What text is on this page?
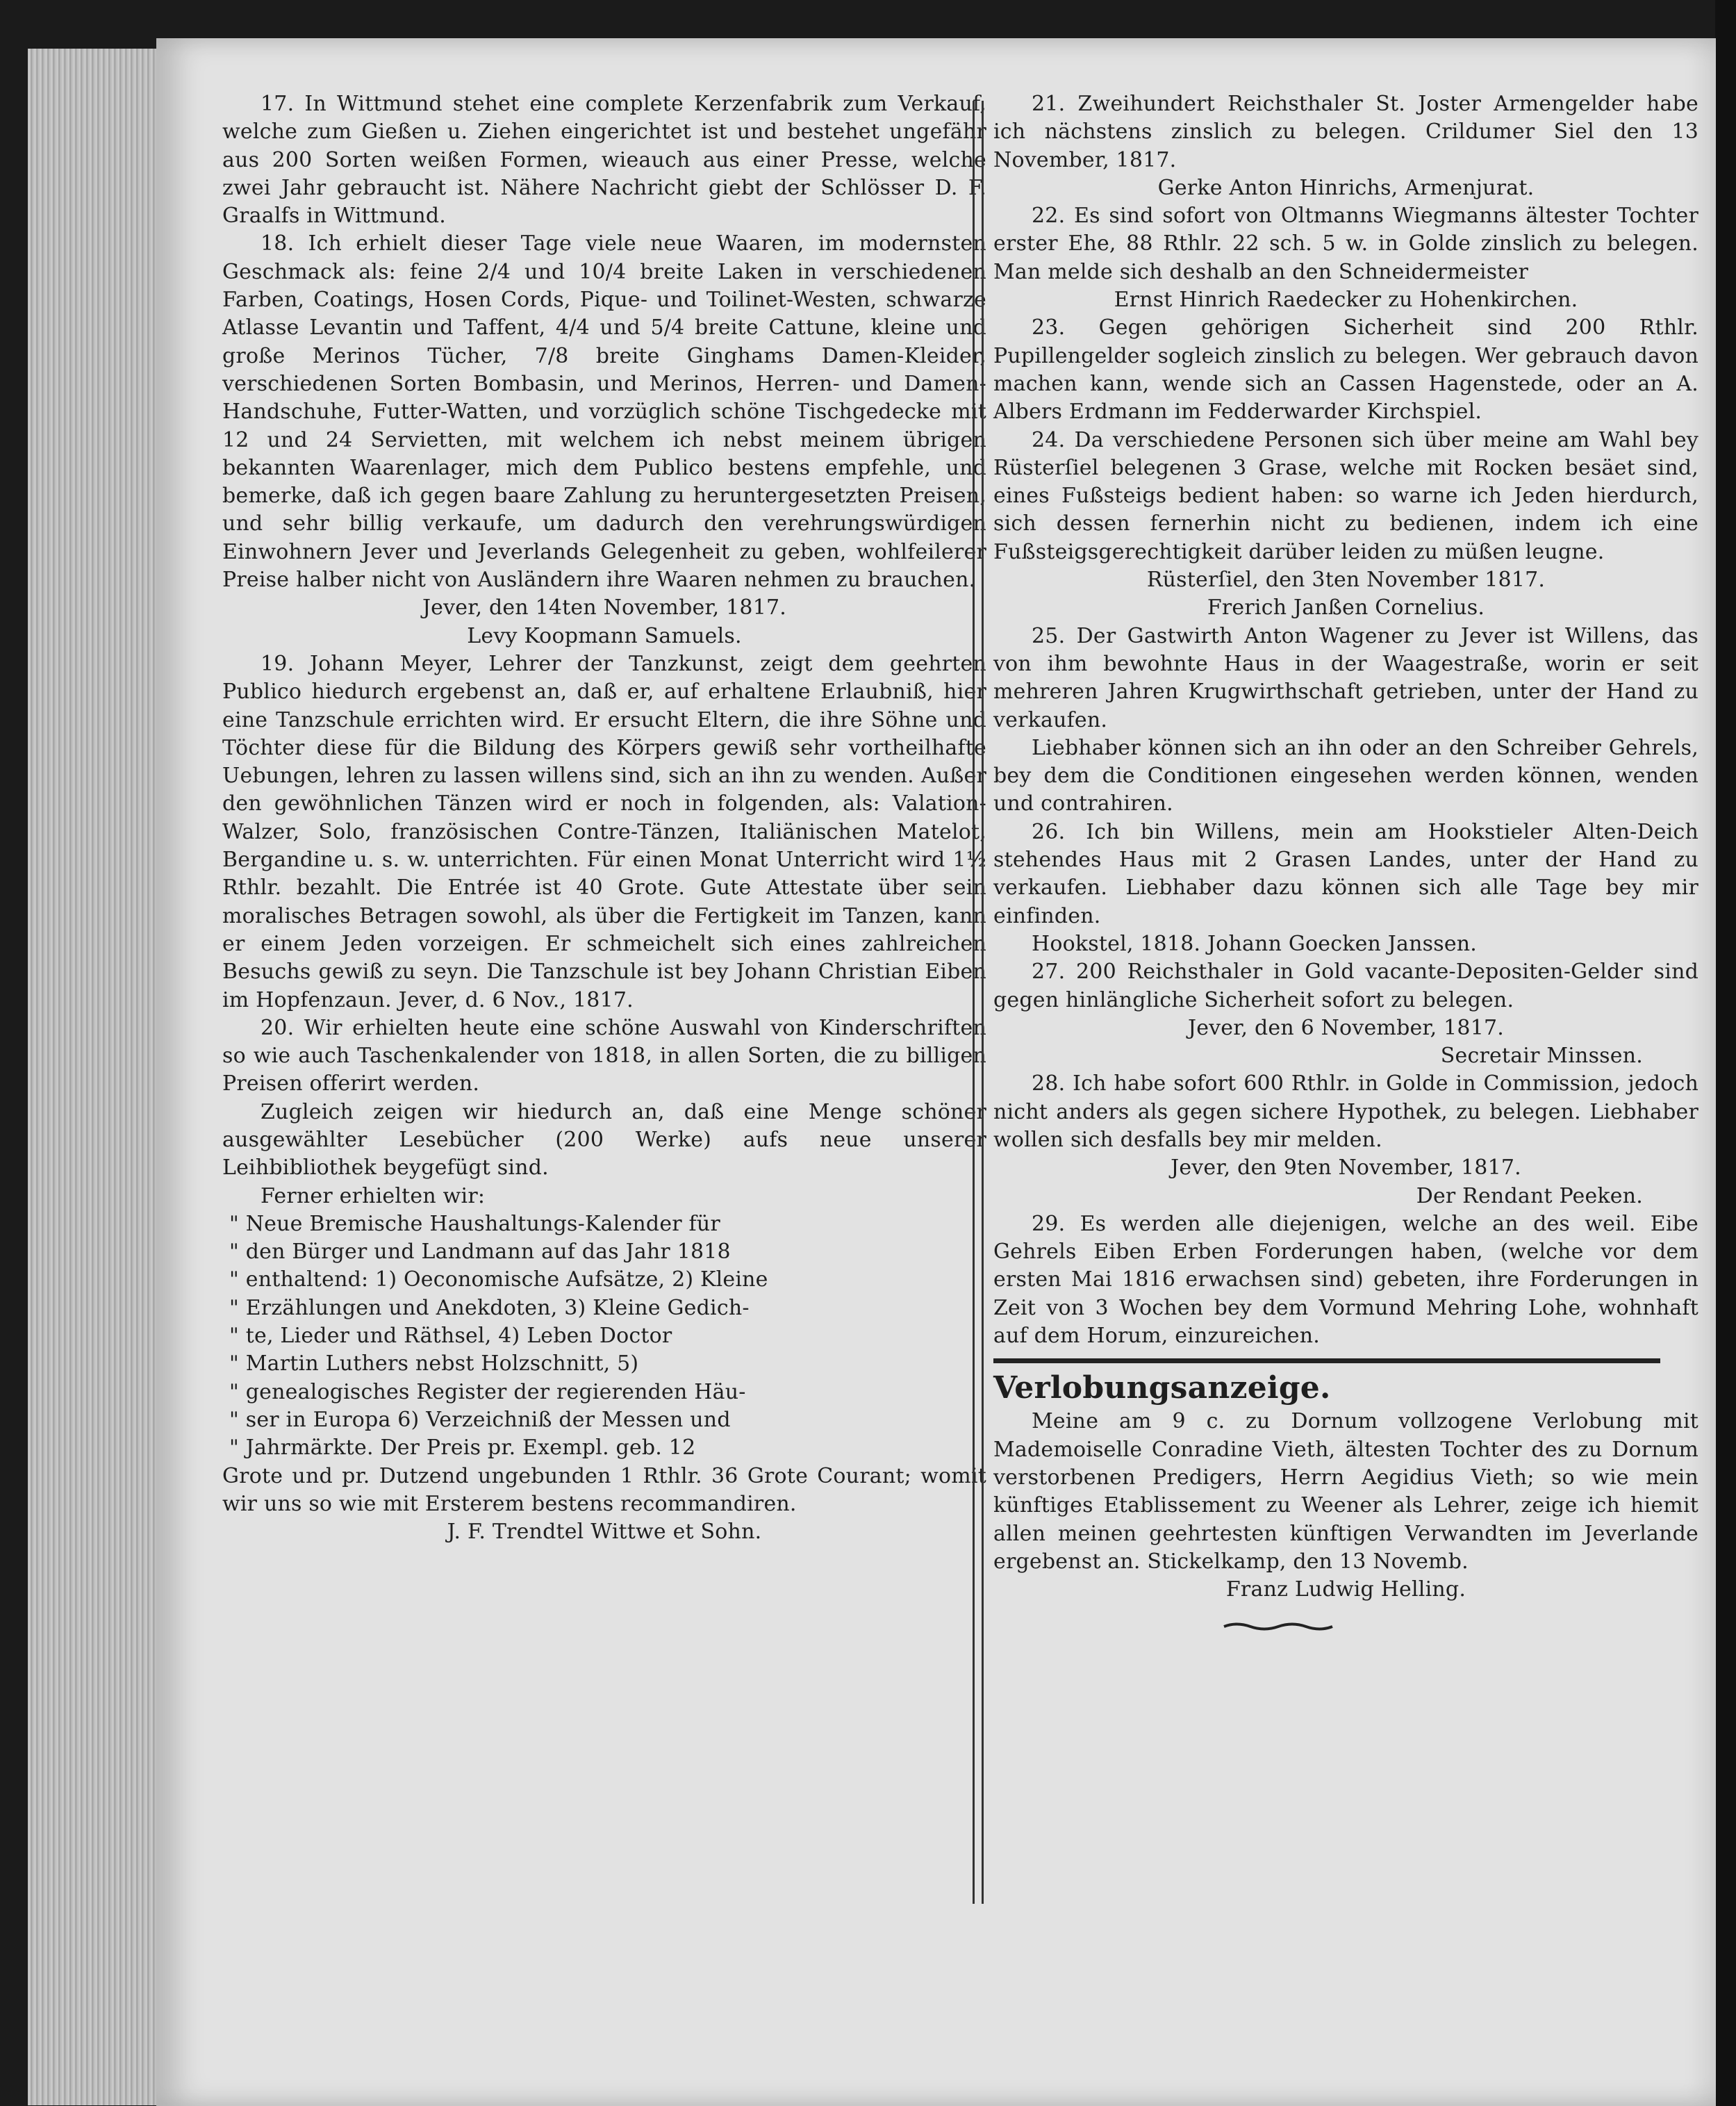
17. In Wittmund stehet eine complete Kerzenfabrik zum Verkauf, welche zum Gießen u. Ziehen eingerichtet ist und bestehet ungefähr aus 200 Sorten weißen Formen, wieauch aus einer Presse, welche zwei Jahr gebraucht ist. Nähere Nachricht giebt der Schlösser D. F. Graalfs in Wittmund.

18. Ich erhielt dieser Tage viele neue Waaren, im modernsten Geschmack als: feine 2/4 und 10/4 breite Laken in verschiedenen Farben, Coatings, Hosen Cords, Pique- und Toilinet-Westen, schwarze Atlasse Levantin und Taffent, 4/4 und 5/4 breite Cattune, kleine und große Merinos Tücher, 7/8 breite Ginghams Damen-Kleider, verschiedenen Sorten Bombasin, und Merinos, Herren- und Damen-Handschuhe, Futter-Watten, und vorzüglich schöne Tischgedecke mit 12 und 24 Servietten, mit welchem ich nebst meinem übrigen bekannten Waarenlager, mich dem Publico bestens empfehle, und bemerke, daß ich gegen baare Zahlung zu heruntergesetzten Preisen, und sehr billig verkaufe, um dadurch den verehrungswürdigen Einwohnern Jever und Jeverlands Gelegenheit zu geben, wohlfeilerer Preise halber nicht von Ausländern ihre Waaren nehmen zu brauchen.

Jever, den 14ten November, 1817.

Levy Koopmann Samuels.

19. Johann Meyer, Lehrer der Tanzkunst, zeigt dem geehrten Publico hiedurch ergebenst an, daß er, auf erhaltene Erlaubniß, hier eine Tanzschule errichten wird. Er ersucht Eltern, die ihre Söhne und Töchter diese für die Bildung des Körpers gewiß sehr vortheilhafte Uebungen, lehren zu lassen willens sind, sich an ihn zu wenden. Außer den gewöhnlichen Tänzen wird er noch in folgenden, als: Valation-Walzer, Solo, französischen Contre-Tänzen, Italiänischen Matelot, Bergandine u. s. w. unterrichten. Für einen Monat Unterricht wird 1½ Rthlr. bezahlt. Die Entrée ist 40 Grote. Gute Attestate über sein moralisches Betragen sowohl, als über die Fertigkeit im Tanzen, kann er einem Jeden vorzeigen. Er schmeichelt sich eines zahlreichen Besuchs gewiß zu seyn. Die Tanzschule ist bey Johann Christian Eiben im Hopfenzaun. Jever, d. 6 Nov., 1817.

20. Wir erhielten heute eine schöne Auswahl von Kinderschriften so wie auch Taschenkalender von 1818, in allen Sorten, die zu billigen Preisen offerirt werden.

Zugleich zeigen wir hiedurch an, daß eine Menge schöner ausgewählter Lesebücher (200 Werke) aufs neue unserer Leihbibliothek beygefügt sind.

Ferner erhielten wir:

" Neue Bremische Haushaltungs-Kalender für

" den Bürger und Landmann auf das Jahr 1818

" enthaltend: 1) Oeconomische Aufsätze, 2) Kleine

" Erzählungen und Anekdoten, 3) Kleine Gedich-

" te, Lieder und Räthsel, 4) Leben Doctor

" Martin Luthers nebst Holzschnitt, 5)

" genealogisches Register der regierenden Häu-

" ser in Europa 6) Verzeichniß der Messen und

" Jahrmärkte. Der Preis pr. Exempl. geb. 12

Grote und pr. Dutzend ungebunden 1 Rthlr. 36 Grote Courant; womit wir uns so wie mit Ersterem bestens recommandiren.

J. F. Trendtel Wittwe et Sohn.

21. Zweihundert Reichsthaler St. Joster Armengelder habe ich nächstens zinslich zu belegen. Crildumer Siel den 13 November, 1817.

Gerke Anton Hinrichs, Armenjurat.

22. Es sind sofort von Oltmanns Wiegmanns ältester Tochter erster Ehe, 88 Rthlr. 22 sch. 5 w. in Golde zinslich zu belegen. Man melde sich deshalb an den Schneidermeister

Ernst Hinrich Raedecker zu Hohenkirchen.

23. Gegen gehörigen Sicherheit sind 200 Rthlr. Pupillengelder sogleich zinslich zu belegen. Wer gebrauch davon machen kann, wende sich an Cassen Hagenstede, oder an A. Albers Erdmann im Fedderwarder Kirchspiel.

24. Da verschiedene Personen sich über meine am Wahl bey Rüsterſiel belegenen 3 Grase, welche mit Rocken besäet sind, eines Fußsteigs bedient haben: so warne ich Jeden hierdurch, sich dessen fernerhin nicht zu bedienen, indem ich eine Fußsteigsgerechtigkeit darüber leiden zu müßen leugne.

Rüsterſiel, den 3ten November 1817.

Frerich Janßen Cornelius.

25. Der Gastwirth Anton Wagener zu Jever ist Willens, das von ihm bewohnte Haus in der Waagestraße, worin er seit mehreren Jahren Krugwirthschaft getrieben, unter der Hand zu verkaufen.

Liebhaber können sich an ihn oder an den Schreiber Gehrels, bey dem die Conditionen eingesehen werden können, wenden und contrahiren.

26. Ich bin Willens, mein am Hookstieler Alten-Deich stehendes Haus mit 2 Grasen Landes, unter der Hand zu verkaufen. Liebhaber dazu können sich alle Tage bey mir einfinden.

Hookstel, 1818. Johann Goecken Janssen.

27. 200 Reichsthaler in Gold vacante-Depositen-Gelder sind gegen hinlängliche Sicherheit sofort zu belegen.

Jever, den 6 November, 1817.

Secretair Minssen.

28. Ich habe sofort 600 Rthlr. in Golde in Commission, jedoch nicht anders als gegen sichere Hypothek, zu belegen. Liebhaber wollen sich desfalls bey mir melden.

Jever, den 9ten November, 1817.

Der Rendant Peeken.

29. Es werden alle diejenigen, welche an des weil. Eibe Gehrels Eiben Erben Forderungen haben, (welche vor dem ersten Mai 1816 erwachsen sind) gebeten, ihre Forderungen in Zeit von 3 Wochen bey dem Vormund Mehring Lohe, wohnhaft auf dem Horum, einzureichen.

Verlobungsanzeige.

Meine am 9 c. zu Dornum vollzogene Verlobung mit Mademoiselle Conradine Vieth, ältesten Tochter des zu Dornum verstorbenen Predigers, Herrn Aegidius Vieth; so wie mein künftiges Etablissement zu Weener als Lehrer, zeige ich hiemit allen meinen geehrtesten künftigen Verwandten im Jeverlande ergebenst an. Stickelkamp, den 13 Novemb.

Franz Ludwig Helling.
